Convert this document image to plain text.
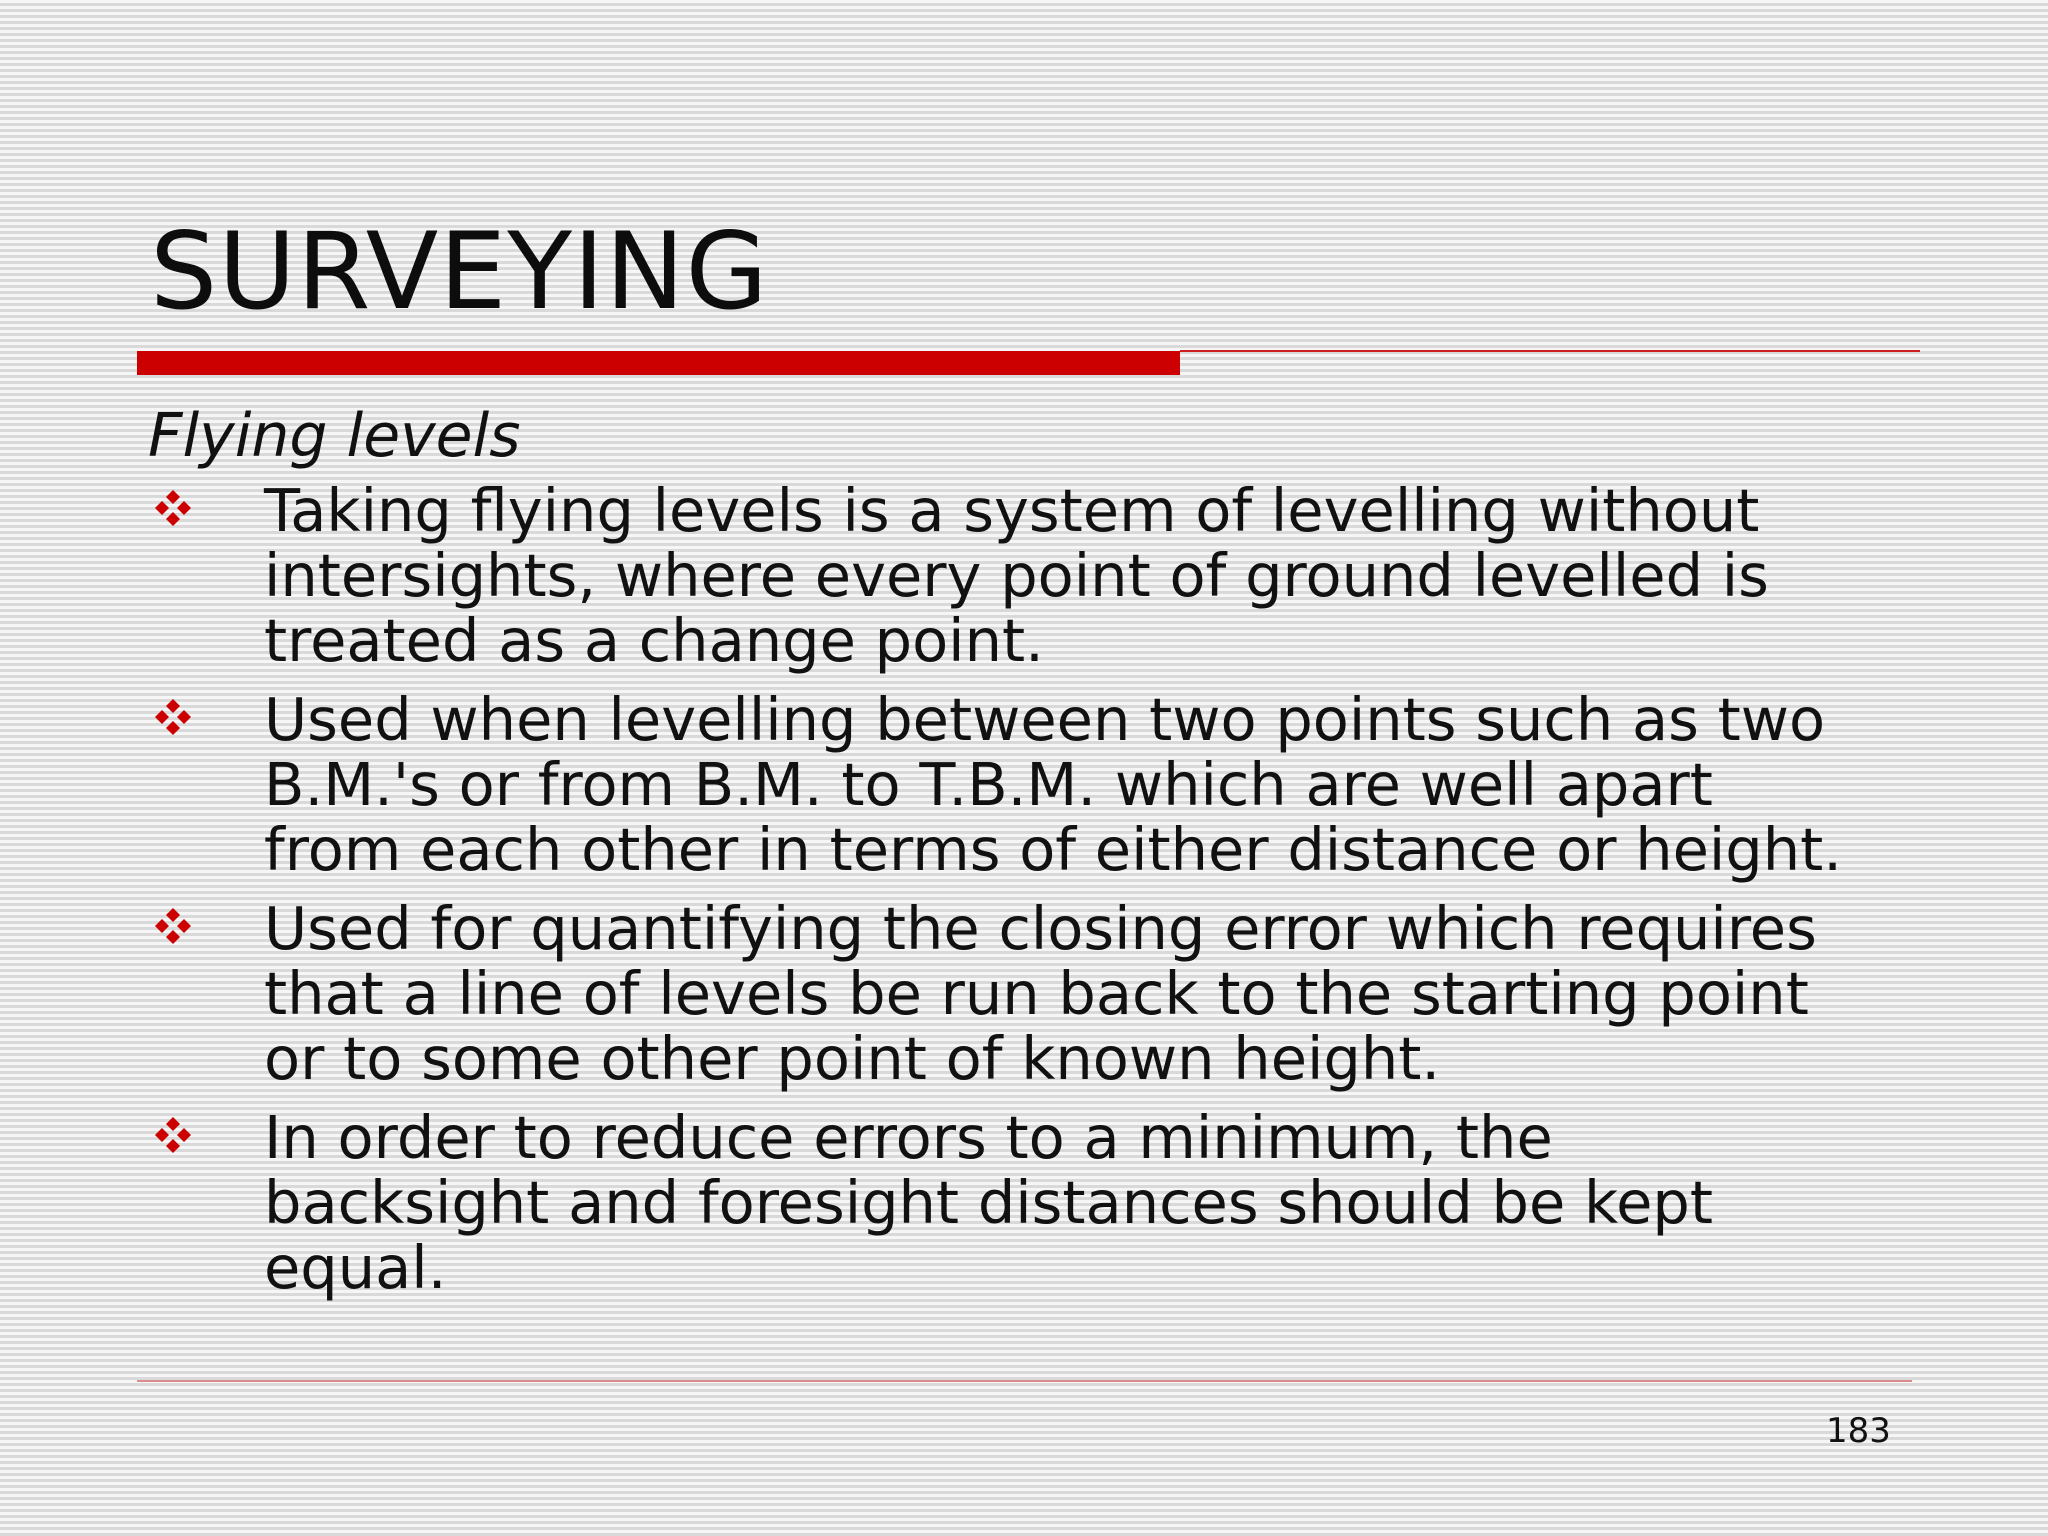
SURVEYING
Flying levels
Taking flying levels is a system of levelling without
intersights, where every point of ground levelled is
treated as a change point.
Used when levelling between two points such as two
B.M.'s or from B.M. to T.B.M. which are well apart
from each other in terms of either distance or height.
Used for quantifying the closing error which requires
that a line of levels be run back to the starting point
or to some other point of known height.
In order to reduce errors to a minimum, the
backsight and foresight distances should be kept
equal.
183
